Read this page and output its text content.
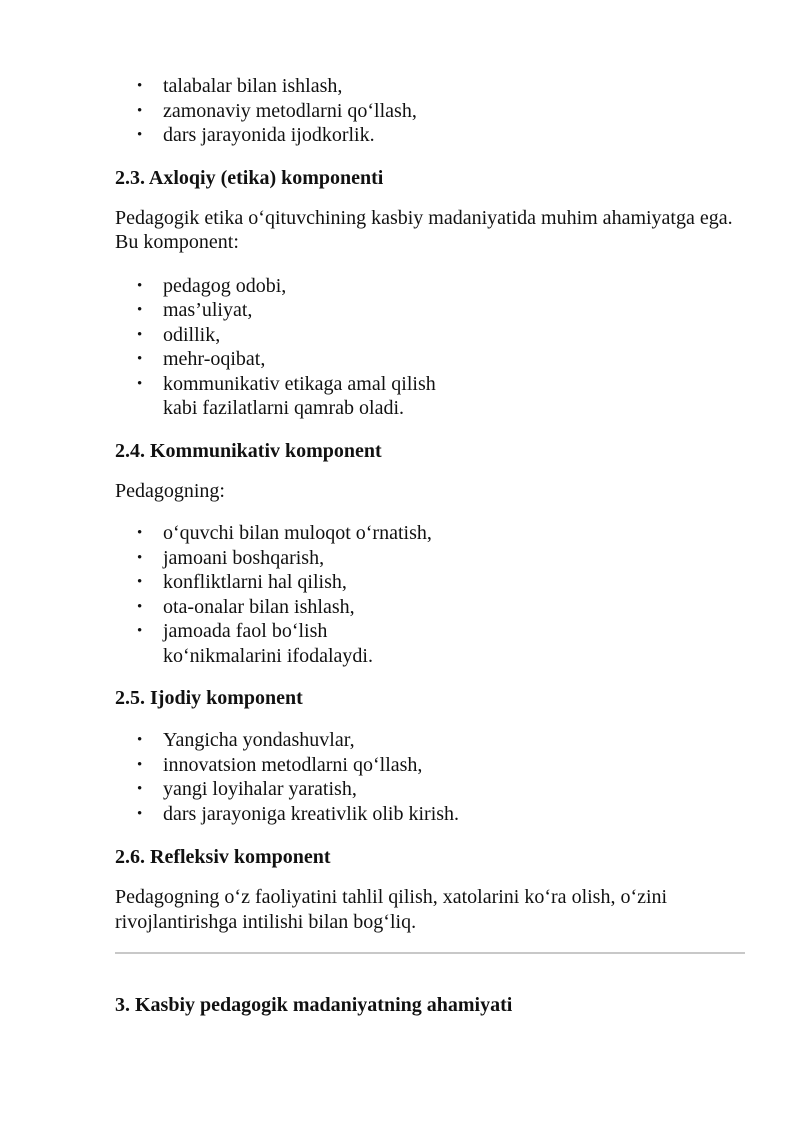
• talabalar bilan ishlash,
• zamonaviy metodlarni qo‘llash,
• dars jarayonida ijodkorlik.
2.3. Axloqiy (etika) komponenti

Pedagogik etika o‘qituvchining kasbiy madaniyatida muhim ahamiyatga ega. Bu komponent:

• pedagog odobi,
• mas’uliyat,
• odillik,
• mehr-oqibat,
• kommunikativ etikaga amal qilish
kabi fazilatlarni qamrab oladi.
2.4. Kommunikativ komponent

Pedagogning:

• o‘quvchi bilan muloqot o‘rnatish,
• jamoani boshqarish,
• konfliktlarni hal qilish,
• ota-onalar bilan ishlash,
• jamoada faol bo‘lish
ko‘nikmalarini ifodalaydi.
2.5. Ijodiy komponent
• Yangicha yondashuvlar,
• innovatsion metodlarni qo‘llash,
• yangi loyihalar yaratish,
• dars jarayoniga kreativlik olib kirish.
2.6. Refleksiv komponent

Pedagogning o‘z faoliyatini tahlil qilish, xatolarini ko‘ra olish, o‘zini rivojlantirishga intilishi bilan bog‘liq.

3. Kasbiy pedagogik madaniyatning ahamiyati
